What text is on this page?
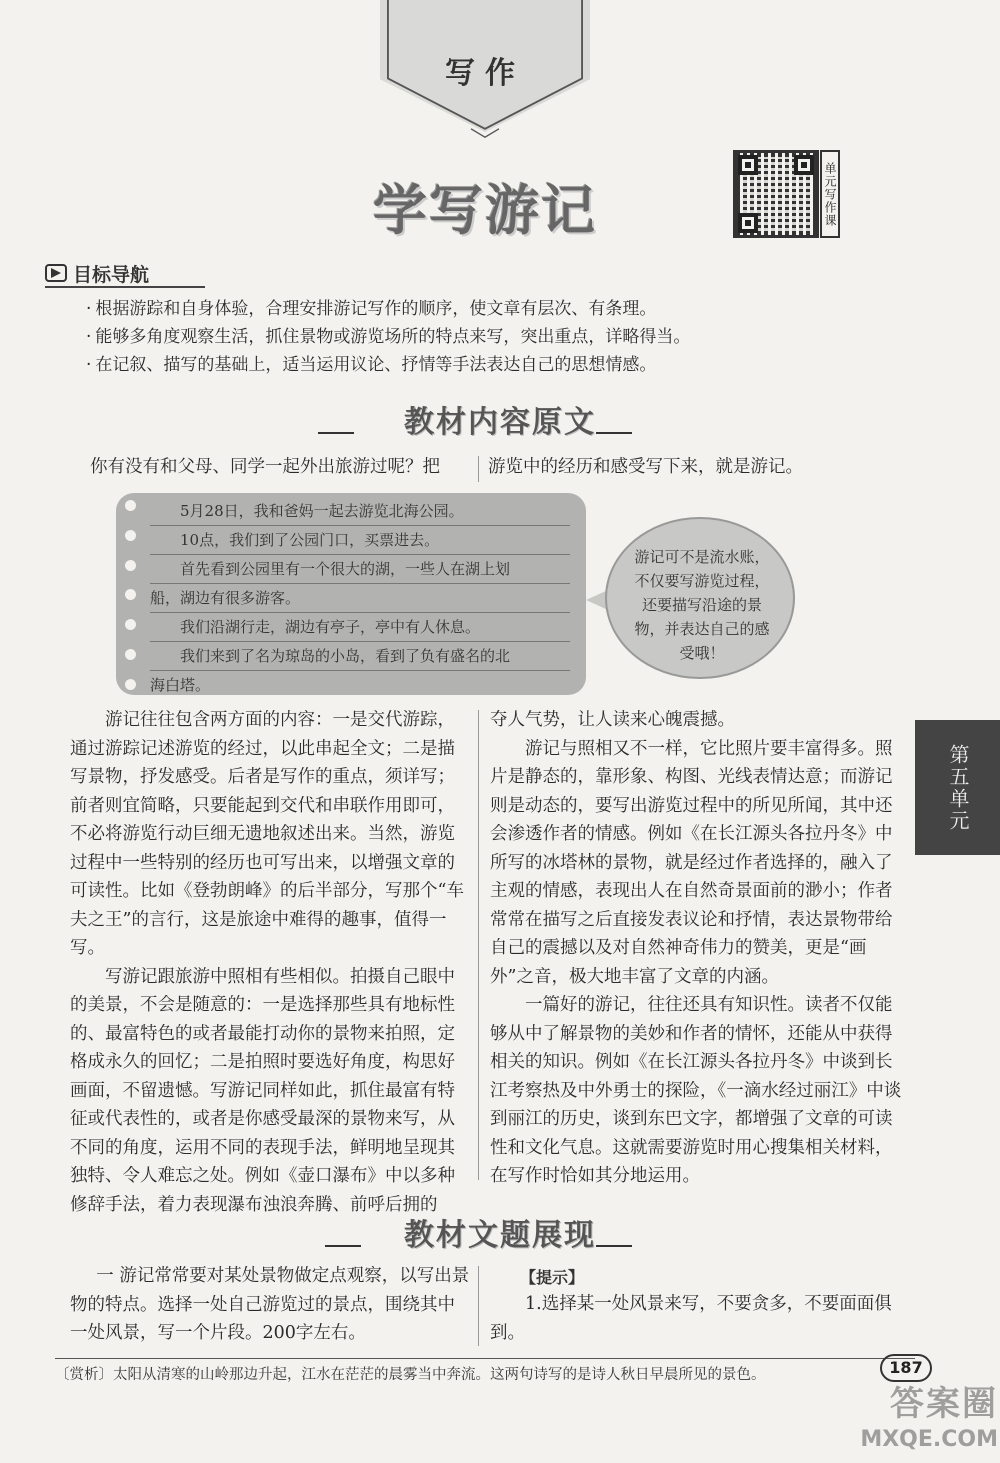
写作
学写游记	单元写作课
目标导航
· 根据游踪和自身体验，合理安排游记写作的顺序，使文章有层次、有条理。
· 能够多角度观察生活，抓住景物或游览场所的特点来写，突出重点，详略得当。
· 在记叙、描写的基础上，适当运用议论、抒情等手法表达自己的思想情感。
教材内容原文

你有没有和父母、同学一起外出旅游过呢？把	游览中的经历和感受写下来，就是游记。

5月28日，我和爸妈一起去游览北海公园。

10点，我们到了公园门口，买票进去。

首先看到公园里有一个很大的湖，一些人在湖上划

船，湖边有很多游客。

我们沿湖行走，湖边有亭子，亭中有人休息。

我们来到了名为琼岛的小岛，看到了负有盛名的北

海白塔。

游记可不是流水账，不仅要写游览过程，还要描写沿途的景物，并表达自己的感受哦！

游记往往包含两方面的内容：一是交代游踪，通过游踪记述游览的经过，以此串起全文；二是描写景物，抒发感受。后者是写作的重点，须详写；前者则宜简略，只要能起到交代和串联作用即可，不必将游览行动巨细无遗地叙述出来。当然，游览过程中一些特别的经历也可写出来，以增强文章的可读性。比如《登勃朗峰》的后半部分，写那个“车夫之王”的言行，这是旅途中难得的趣事，值得一写。

写游记跟旅游中照相有些相似。拍摄自己眼中的美景，不会是随意的：一是选择那些具有地标性的、最富特色的或者最能打动你的景物来拍照，定格成永久的回忆；二是拍照时要选好角度，构思好画面，不留遗憾。写游记同样如此，抓住最富有特征或代表性的，或者是你感受最深的景物来写，从不同的角度，运用不同的表现手法，鲜明地呈现其独特、令人难忘之处。例如《壶口瀑布》中以多种修辞手法，着力表现瀑布浊浪奔腾、前呼后拥的

夺人气势，让人读来心魄震撼。

游记与照相又不一样，它比照片要丰富得多。照片是静态的，靠形象、构图、光线表情达意；而游记则是动态的，要写出游览过程中的所见所闻，其中还会渗透作者的情感。例如《在长江源头各拉丹冬》中所写的冰塔林的景物，就是经过作者选择的，融入了主观的情感，表现出人在自然奇景面前的渺小；作者常常在描写之后直接发表议论和抒情，表达景物带给自己的震撼以及对自然神奇伟力的赞美，更是“画外”之音，极大地丰富了文章的内涵。

一篇好的游记，往往还具有知识性。读者不仅能够从中了解景物的美妙和作者的情怀，还能从中获得相关的知识。例如《在长江源头各拉丹冬》中谈到长江考察热及中外勇士的探险，《一滴水经过丽江》中谈到丽江的历史，谈到东巴文字，都增强了文章的可读性和文化气息。这就需要游览时用心搜集相关材料，在写作时恰如其分地运用。

第五单元
教材文题展现

一 游记常常要对某处景物做定点观察，以写出景物的特点。选择一处自己游览过的景点，围绕其中一处风景，写一个片段。200字左右。

【提示】

1.选择某一处风景来写，不要贪多，不要面面俱到。

〔赏析〕太阳从清寒的山岭那边升起，江水在茫茫的晨雾当中奔流。这两句诗写的是诗人秋日早晨所见的景色。	187
答案圈
MXQE.COM
